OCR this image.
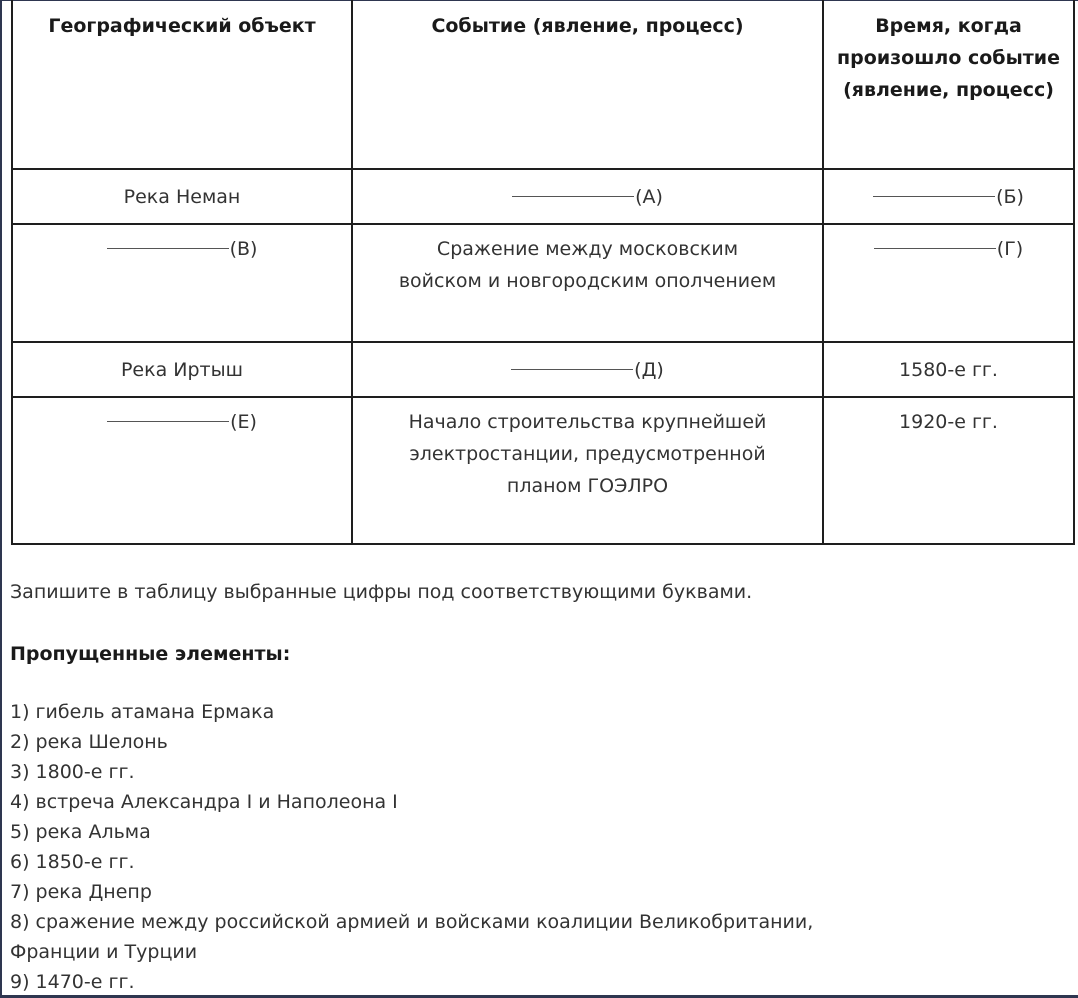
Географический объект	Событие (явление, процесс)	Время, когда произошло событие (явление, процесс)
Река Неман	(А)	(Б)
(В)	Сражение между московским войском и новгородским ополчением	(Г)
Река Иртыш	(Д)	1580-е гг.
(Е)	Начало строительства крупнейшей электростанции, предусмотренной планом ГОЭЛРО	1920-е гг.
Запишите в таблицу выбранные цифры под соответствующими буквами.
Пропущенные элементы:
1) гибель атамана Ермака
2) река Шелонь
3) 1800-е гг.
4) встреча Александра I и Наполеона I
5) река Альма
6) 1850-е гг.
7) река Днепр
8) сражение между российской армией и войсками коалиции Великобритании, Франции и Турции
9) 1470-е гг.
